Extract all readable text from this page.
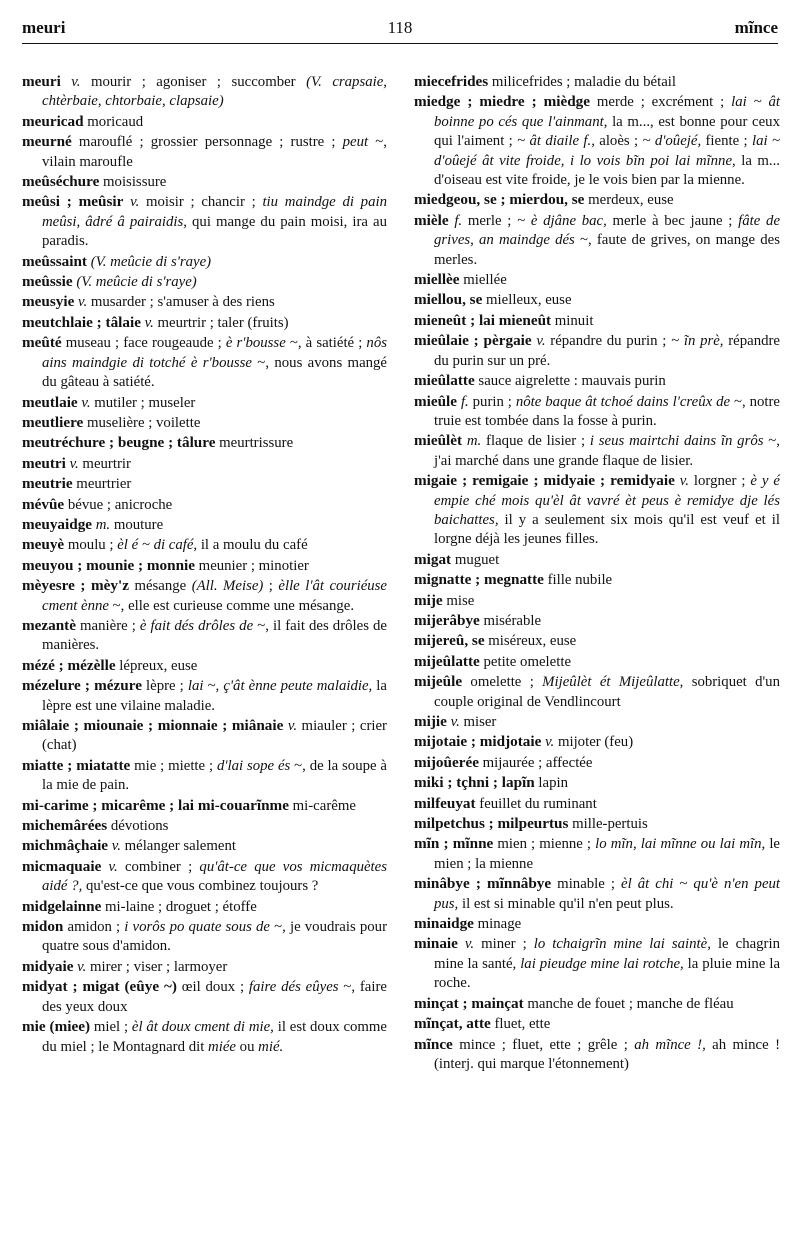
meuri	118	mĩnce
meuri v. mourir ; agoniser ; succomber (V. crapsaie, chtèrbaie, chtorbaie, clapsaie)
meuricad moricaud
meurné marouflé ; grossier personnage ; rustre ; peut ~, vilain maroufle
meûséchure moisissure
meûsi ; meûsir v. moisir ; chancir ; tiu maindge di pain meûsi, âdré â pairaidis, qui mange du pain moisi, ira au paradis.
meûssaint (V. meûcie di s'raye)
meûssie (V. meûcie di s'raye)
meusyie v. musarder ; s'amuser à des riens
meutchlaie ; tâlaie v. meurtrir ; taler (fruits)
meûté museau ; face rougeaude ; è r'bousse ~, à satiété ; nôs ains maindgie di totché è r'bousse ~, nous avons mangé du gâteau à satiété.
meutlaie v. mutiler ; museler
meutliere muselière ; voilette
meutréchure ; beugne ; tâlure meurtrissure
meutri v. meurtrir
meutrie meurtrier
mévûe bévue ; anicroche
meuyaidge m. mouture
meuyè moulu ; èl é ~ di café, il a moulu du café
meuyou ; mounie ; monnie meunier ; minotier
mèyesre ; mèy'z mésange (All. Meise) ; èlle l'ât couriéuse cment ènne ~, elle est curieuse comme une mésange.
mezantè manière ; è fait dés drôles de ~, il fait des drôles de manières.
mézé ; mézèlle lépreux, euse
mézelure ; mézure lèpre ; lai ~, ç'ât ènne peute malaidie, la lèpre est une vilaine maladie.
miâlaie ; miounaie ; mionnaie ; miânaie v. miauler ; crier (chat)
miatte ; miatatte mie ; miette ; d'lai sope és ~, de la soupe à la mie de pain.
mi-carime ; micarême ; lai mi-couarĩnme mi-carême
michemârées dévotions
michmâçhaie v. mélanger salement
micmaquaie v. combiner ; qu'ât-ce que vos micmaquètes aidé ?, qu'est-ce que vous combinez toujours ?
midgelainne mi-laine ; droguet ; étoffe
midon amidon ; i vorôs po quate sous de ~, je voudrais pour quatre sous d'amidon.
midyaie v. mirer ; viser ; larmoyer
midyat ; migat (eûye ~) œil doux ; faire dés eûyes ~, faire des yeux doux
mie (miee) miel ; èl ât doux cment di mie, il est doux comme du miel ; le Montagnard dit miée ou mié.
miecefrides milicefrides ; maladie du bétail
miedge ; miedre ; mièdge merde ; excrément ; lai ~ ât boinne po cés que l'ainmant, la m..., est bonne pour ceux qui l'aiment ; ~ ât diaile f., aloès ; ~ d'oûejé, fiente ; lai ~ d'oûejé ât vite froide, i lo vois bĩn poi lai mĩnne, la m... d'oiseau est vite froide, je le vois bien par la mienne.
miedgeou, se ; mierdou, se merdeux, euse
mièle f. merle ; ~ è djâne bac, merle à bec jaune ; fâte de grives, an maindge dés ~, faute de grives, on mange des merles.
miellèe miellée
miellou, se mielleux, euse
mieneût ; lai mieneût minuit
mieûlaie ; pèrgaie v. répandre du purin ; ~ ĩn prè, répandre du purin sur un pré.
mieûlatte sauce aigrelette : mauvais purin
mieûle f. purin ; nôte baque ât tchoé dains l'creûx de ~, notre truie est tombée dans la fosse à purin.
mieûlèt m. flaque de lisier ; i seus mairtchi dains ĩn grôs ~, j'ai marché dans une grande flaque de lisier.
migaie ; remigaie ; midyaie ; remidyaie v. lorgner ; è y é empie ché mois qu'èl ât vavré èt peus è remidye dje lés baichattes, il y a seulement six mois qu'il est veuf et il lorgne déjà les jeunes filles.
migat muguet
mignatte ; megnatte fille nubile
mije mise
mijerâbye misérable
mijereû, se miséreux, euse
mijeûlatte petite omelette
mijeûle omelette ; Mijeûlèt ét Mijeûlatte, sobriquet d'un couple original de Vendlincourt
mijie v. miser
mijotaie ; midjotaie v. mijoter (feu)
mijoûerée mijaurée ; affectée
miki ; tçhni ; lapĩn lapin
milfeuyat feuillet du ruminant
milpetchus ; milpeurtus mille-pertuis
mĩn ; mĩnne mien ; mienne ; lo mĩn, lai mĩnne ou lai mĩn, le mien ; la mienne
minâbye ; mĩnnâbye minable ; èl ât chi ~ qu'è n'en peut pus, il est si minable qu'il n'en peut plus.
minaidge minage
minaie v. miner ; lo tchaigrĩn mine lai saintè, le chagrin mine la santé, lai pieudge mine lai rotche, la pluie mine la roche.
minçat ; mainçat manche de fouet ; manche de fléau
mĩnçat, atte fluet, ette
mĩnce mince ; fluet, ette ; grêle ; ah mĩnce !, ah mince ! (interj. qui marque l'étonnement)
